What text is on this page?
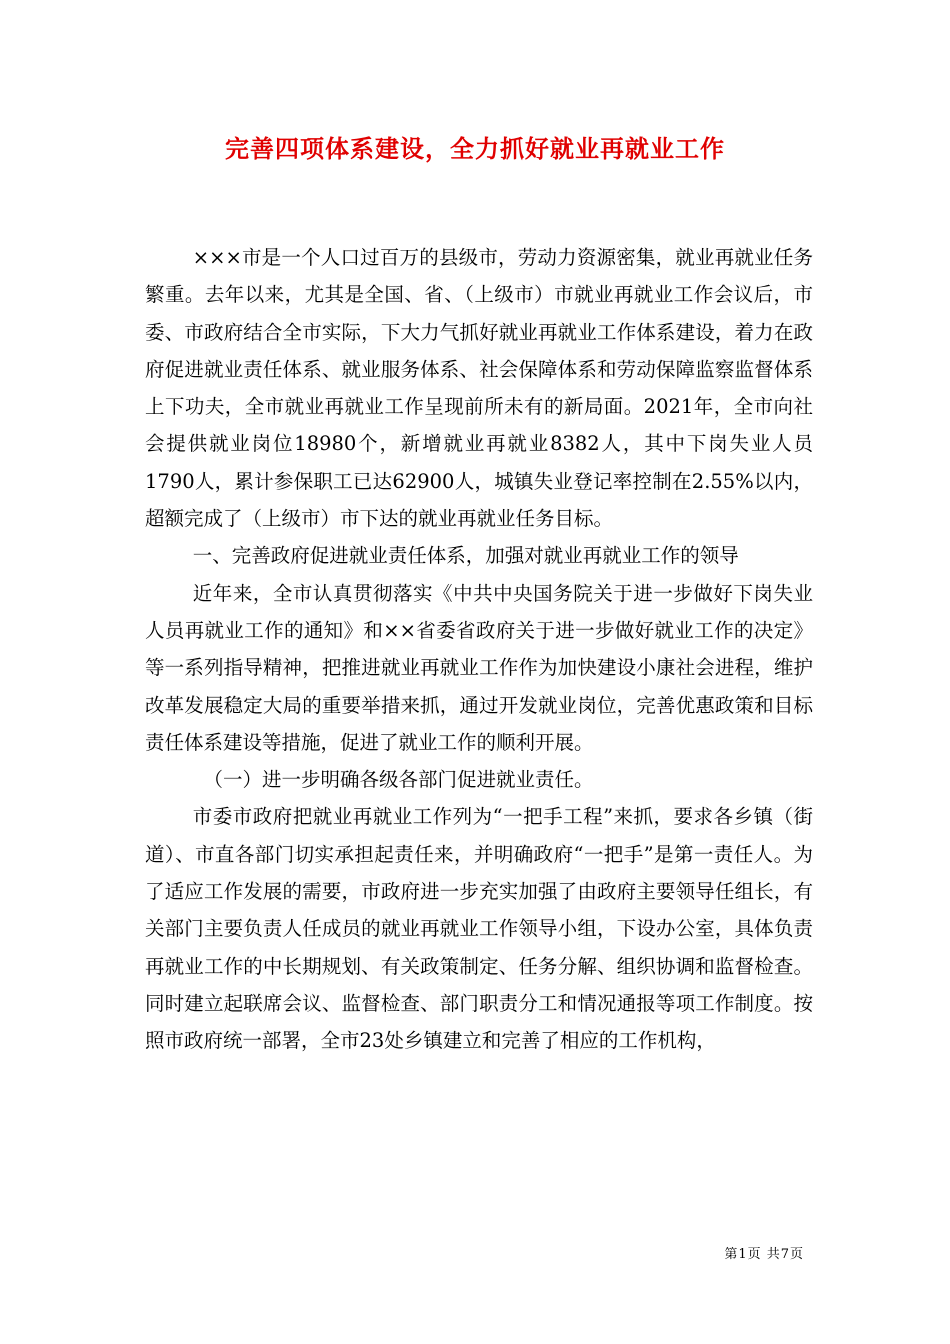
完善四项体系建设，全力抓好就业再就业工作

×××市是一个人口过百万的县级市，劳动力资源密集，就业再就业任务繁重。去年以来，尤其是全国、省、（上级市）市就业再就业工作会议后，市委、市政府结合全市实际，下大力气抓好就业再就业工作体系建设，着力在政府促进就业责任体系、就业服务体系、社会保障体系和劳动保障监察监督体系上下功夫，全市就业再就业工作呈现前所未有的新局面。2021年，全市向社会提供就业岗位18980个，新增就业再就业8382人，其中下岗失业人员1790人，累计参保职工已达62900人，城镇失业登记率控制在2.55%以内，超额完成了（上级市）市下达的就业再就业任务目标。

一、完善政府促进就业责任体系，加强对就业再就业工作的领导

近年来，全市认真贯彻落实《中共中央国务院关于进一步做好下岗失业人员再就业工作的通知》和××省委省政府关于进一步做好就业工作的决定》等一系列指导精神，把推进就业再就业工作作为加快建设小康社会进程，维护改革发展稳定大局的重要举措来抓，通过开发就业岗位，完善优惠政策和目标责任体系建设等措施，促进了就业工作的顺利开展。

（一）进一步明确各级各部门促进就业责任。

市委市政府把就业再就业工作列为“一把手工程”来抓，要求各乡镇（街道）、市直各部门切实承担起责任来，并明确政府“一把手”是第一责任人。为了适应工作发展的需要，市政府进一步充实加强了由政府主要领导任组长，有关部门主要负责人任成员的就业再就业工作领导小组，下设办公室，具体负责再就业工作的中长期规划、有关政策制定、任务分解、组织协调和监督检查。同时建立起联席会议、监督检查、部门职责分工和情况通报等项工作制度。按照市政府统一部署，全市23处乡镇建立和完善了相应的工作机构，

第1页 共7页
